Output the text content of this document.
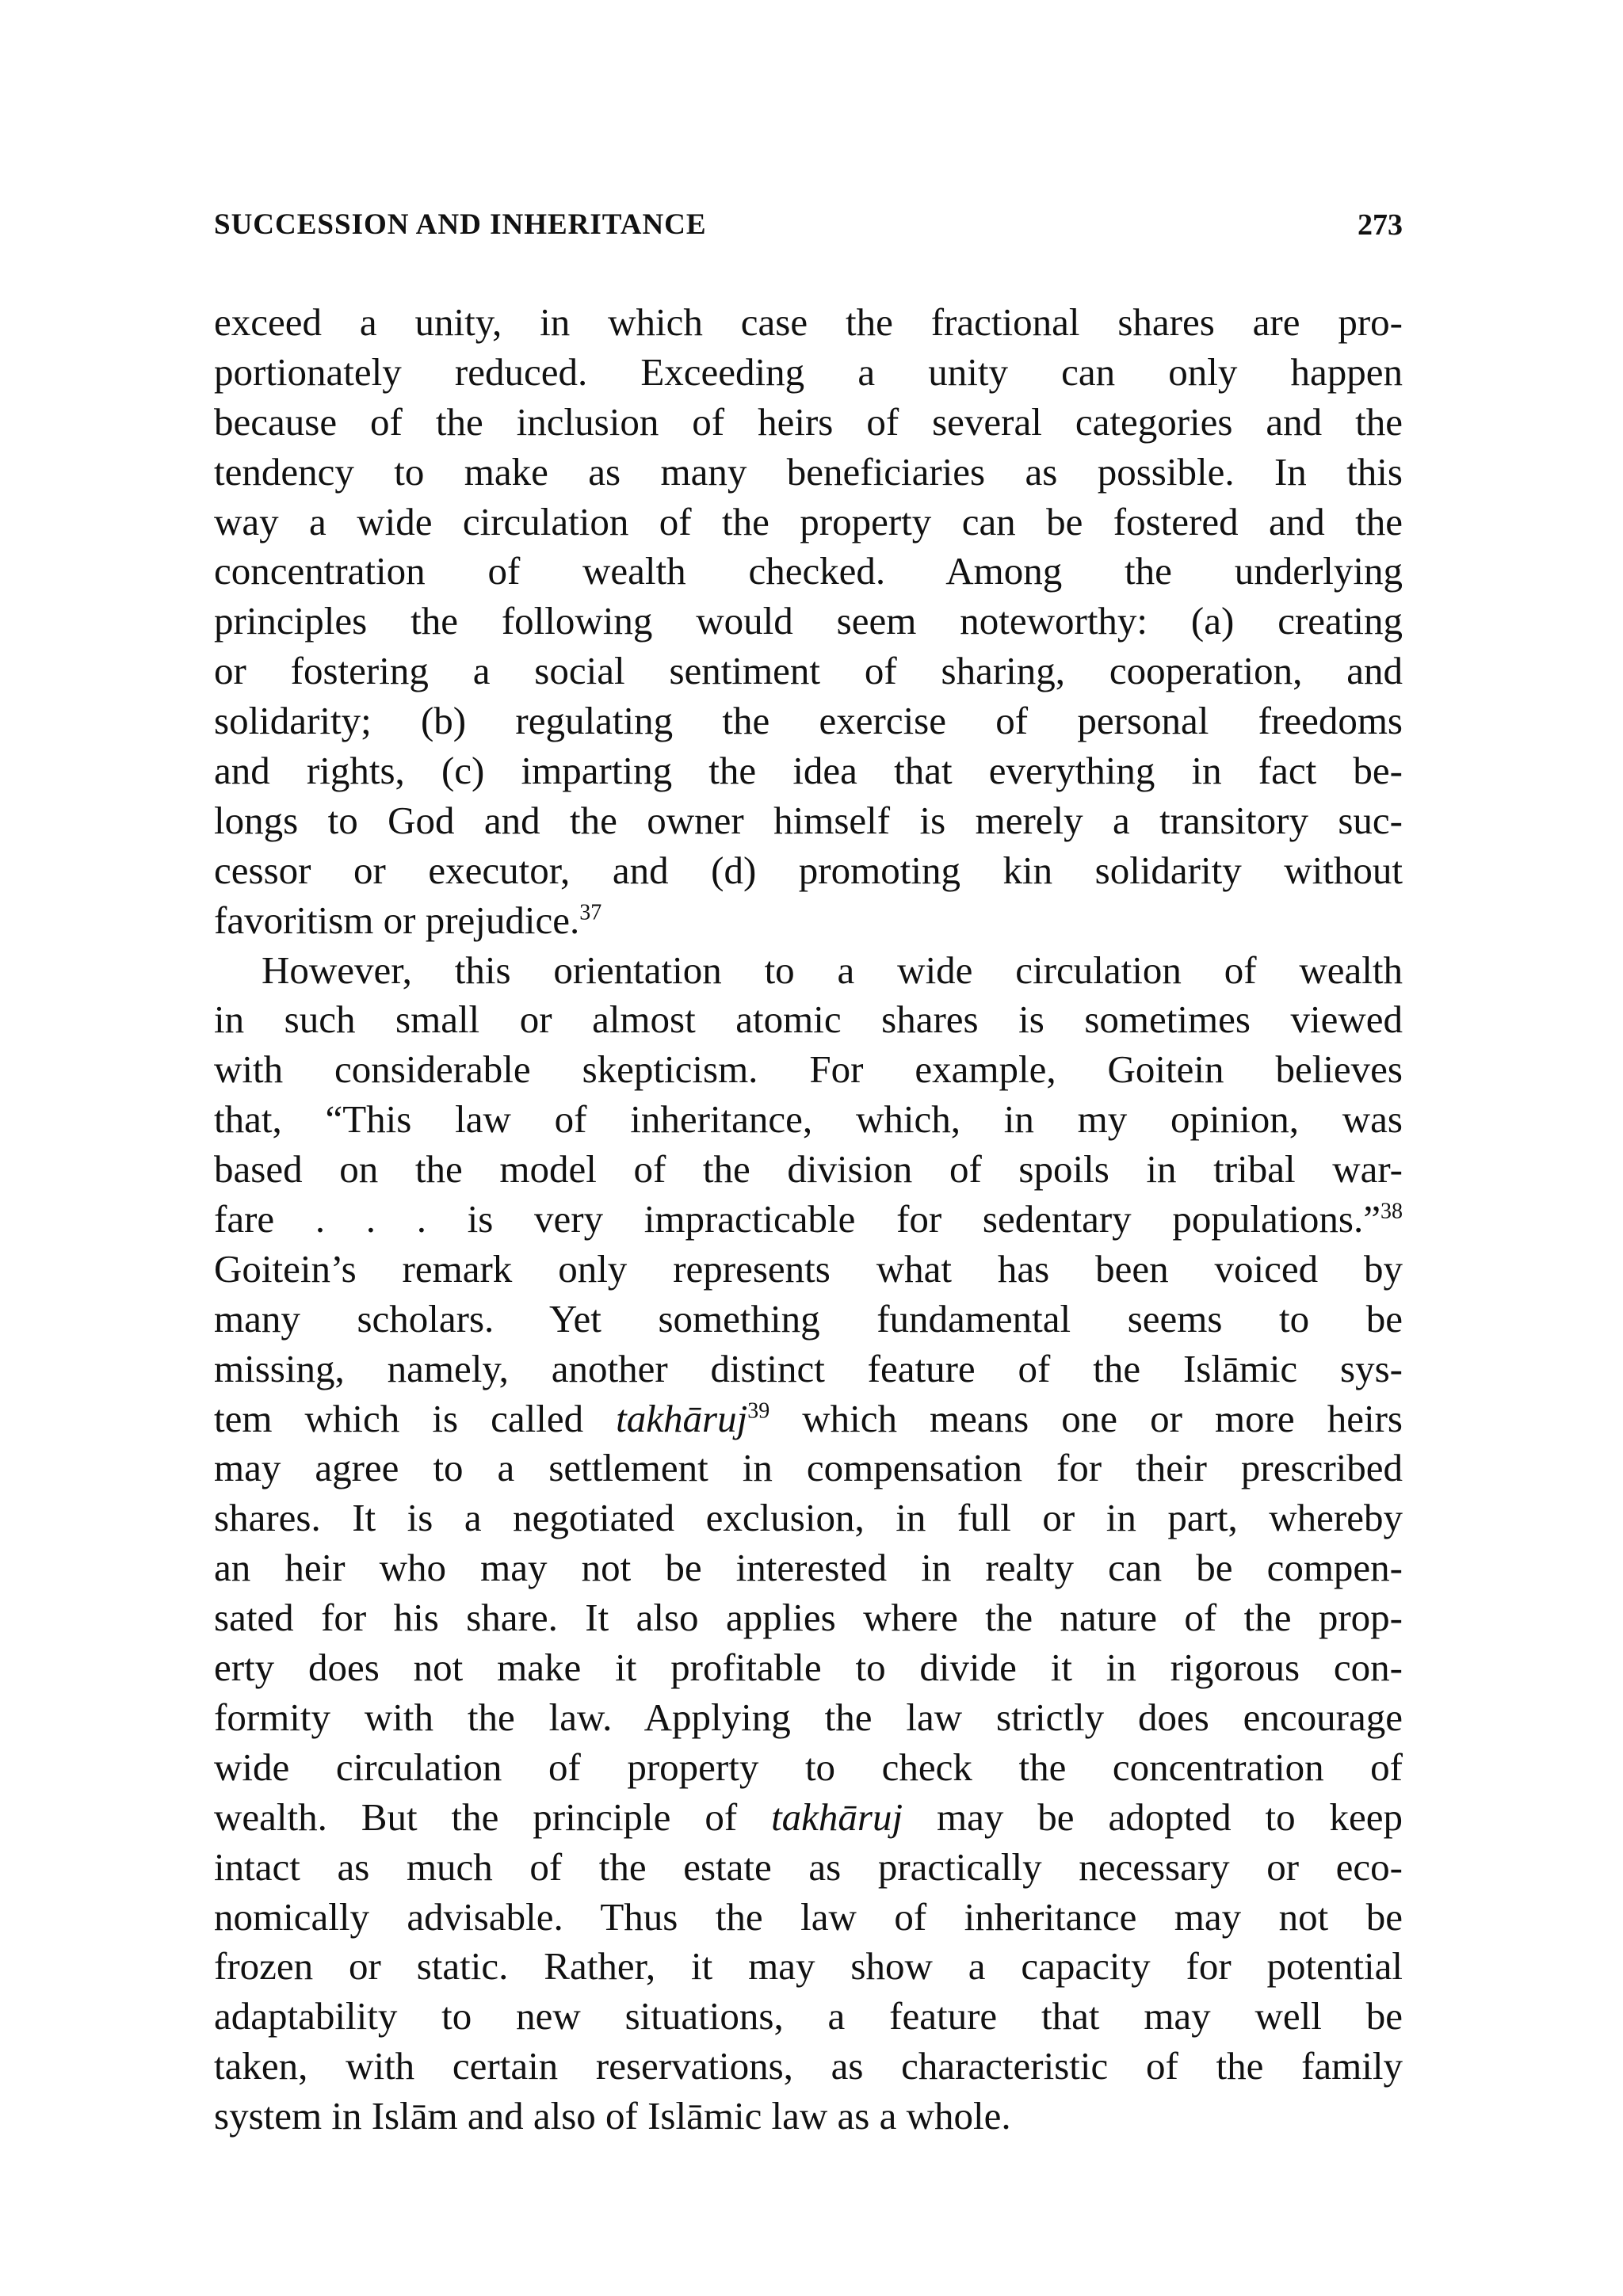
SUCCESSION AND INHERITANCE	273
exceed a unity, in which case the fractional shares are pro-
portionately reduced. Exceeding a unity can only happen
because of the inclusion of heirs of several categories and the
tendency to make as many beneficiaries as possible. In this
way a wide circulation of the property can be fostered and the
concentration of wealth checked. Among the underlying
principles the following would seem noteworthy: (a) creating
or fostering a social sentiment of sharing, cooperation, and
solidarity; (b) regulating the exercise of personal freedoms
and rights, (c) imparting the idea that everything in fact be-
longs to God and the owner himself is merely a transitory suc-
cessor or executor, and (d) promoting kin solidarity without
favoritism or prejudice.$^{37}$
However, this orientation to a wide circulation of wealth
in such small or almost atomic shares is sometimes viewed
with considerable skepticism. For example, Goitein believes
that, “This law of inheritance, which, in my opinion, was
based on the model of the division of spoils in tribal war-
fare . . . is very impracticable for sedentary populations.”$^{38}$
Goitein’s remark only represents what has been voiced by
many scholars. Yet something fundamental seems to be
missing, namely, another distinct feature of the Islāmic sys-
tem which is called takhāruj$^{39}$ which means one or more heirs
may agree to a settlement in compensation for their prescribed
shares. It is a negotiated exclusion, in full or in part, whereby
an heir who may not be interested in realty can be compen-
sated for his share. It also applies where the nature of the prop-
erty does not make it profitable to divide it in rigorous con-
formity with the law. Applying the law strictly does encourage
wide circulation of property to check the concentration of
wealth. But the principle of takhāruj may be adopted to keep
intact as much of the estate as practically necessary or eco-
nomically advisable. Thus the law of inheritance may not be
frozen or static. Rather, it may show a capacity for potential
adaptability to new situations, a feature that may well be
taken, with certain reservations, as characteristic of the family
system in Islām and also of Islāmic law as a whole.
